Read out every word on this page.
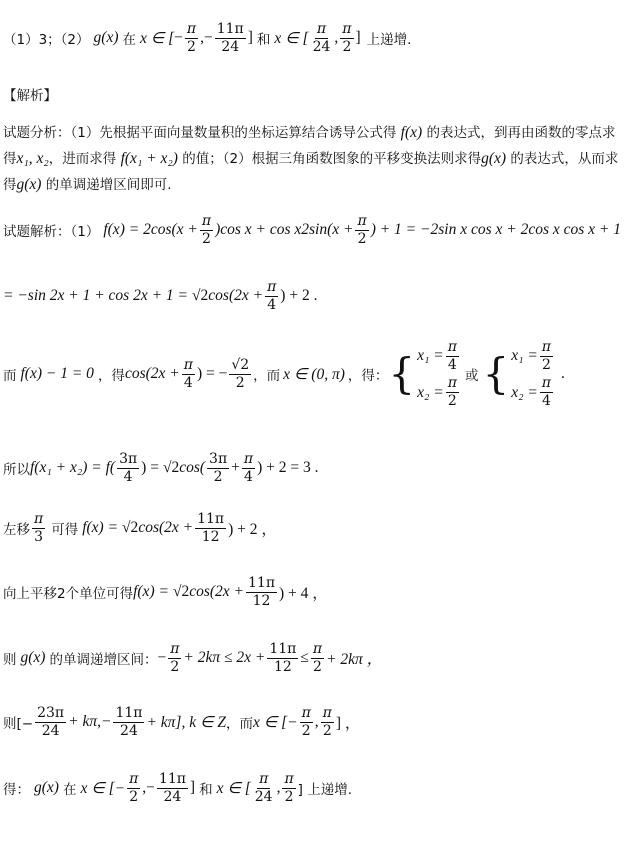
（1）3；（2） g(x) 在 x ∈ [ − $\frac{\pi}{2}$ ,− $\frac{11\pi}{24}$ ] 和 x ∈ [ $\frac{\pi}{24}$ , $\frac{\pi}{2}$ ] 上递增.
【解析】
试题分析：（1）先根据平面向量数量积的坐标运算结合诱导公式得 f(x) 的表达式，到再由函数的零点求得x₁, x₂，进而求得 f(x₁ + x₂) 的值；（2）根据三角函数图象的平移变换法则求得g(x) 的表达式，从而求得g(x) 的单调递增区间即可.
试题解析：（1） $f(x) = 2\cos(x + \frac{\pi}{2} )\cos$ $x + \cos x2\sin(x + \frac{\pi}{2}$ ) + 1 = −2sin x cos x + 2cos x cos x + 1
= −sin 2x + 1 + cos 2x + 1 = √2 $\cos(2x + \frac{\pi}{4}$ ) + 2 .
而 f(x) − 1 = 0 ，得 $\cos(2x + \frac{\pi}{4}$ ) = − $\frac{√2}{2}$ ，而 x ∈ (0, π) ，得： { $x_1 = \frac{\pi}{4}$
$x_2 = \frac{\pi}{2}$ 或 { $x_1 = \frac{\pi}{2}$
$x_2 = \frac{\pi}{4}$
.
所以 $f(x_1 + x_2) = f( \frac{3\pi}{4}$ ) = √2 $\cos( \frac{3\pi}{2} + \frac{\pi}{4}$ ) + 2 = 3 .
左移 $\frac{\pi}{3}$ 可得 f(x) = √2 $\cos(2x + \frac{11\pi}{12}$ ) + 2 ，
向上平移2个单位可得 f(x) = √2 $\cos(2x + \frac{11\pi}{12}$ ) + 4 ，
则 g(x) 的单调递增区间： − $\frac{\pi}{2} + 2k\pi \le 2x + \frac{11\pi}{12} \le \frac{\pi}{2} + 2k\pi$ ，
则[− $\frac{23\pi}{24} + k\pi,- \frac{11\pi}{24} + k\pi$], k ∈ Z ，而 x ∈ [− $\frac{\pi}{2}$ , $\frac{\pi}{2}$ ] ，
得： g(x) 在 x ∈ [− $\frac{\pi}{2}$ ,− $\frac{11\pi}{24}$ ] 和 x ∈ [ $\frac{\pi}{24}$ , $\frac{\pi}{2}$ ] 上递增.
